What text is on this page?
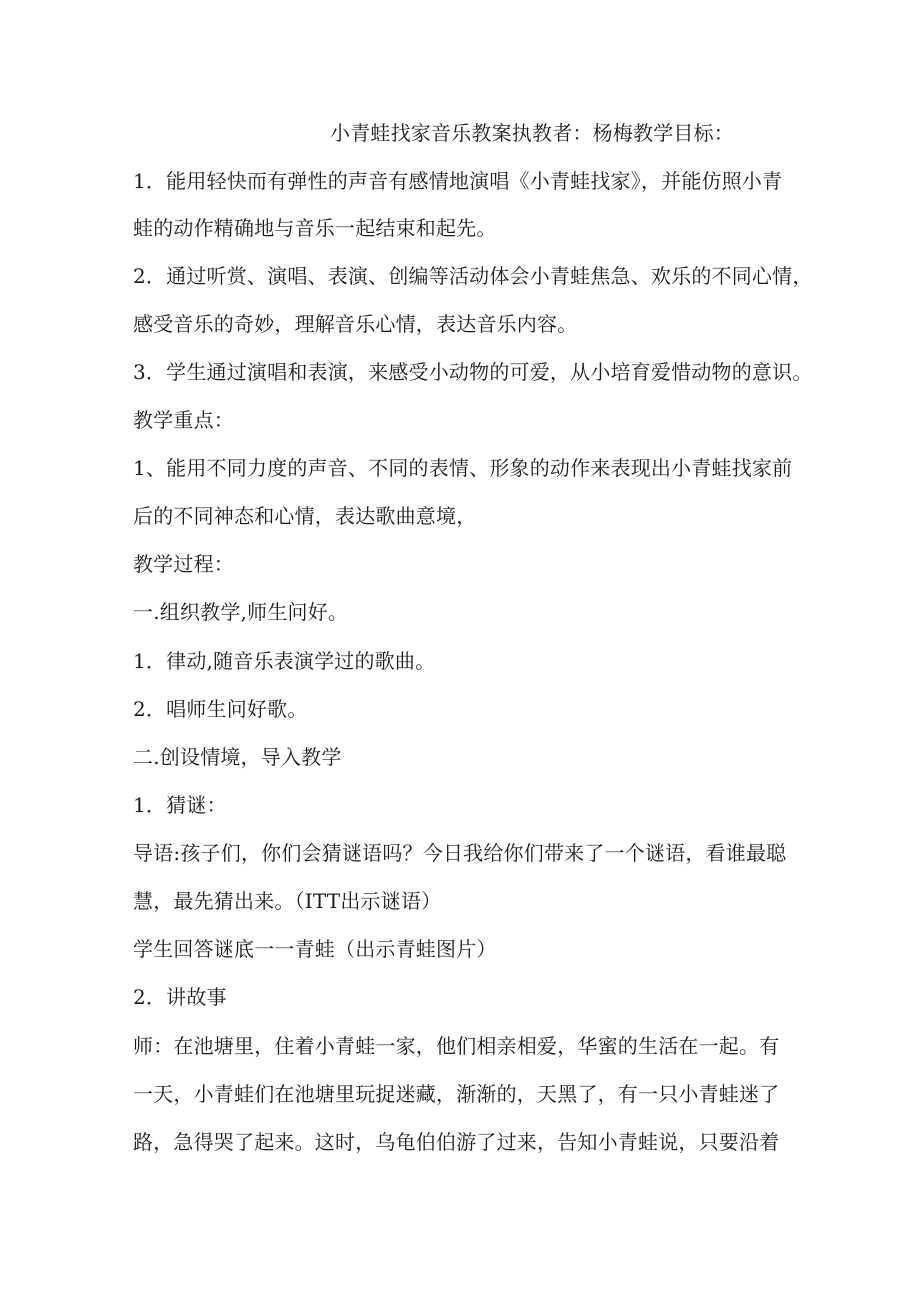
小青蛙找家音乐教案执教者：杨梅教学目标：
1．能用轻快而有弹性的声音有感情地演唱《小青蛙找家》，并能仿照小青
蛙的动作精确地与音乐一起结束和起先。
2．通过听赏、演唱、表演、创编等活动体会小青蛙焦急、欢乐的不同心情，
感受音乐的奇妙，理解音乐心情，表达音乐内容。
3．学生通过演唱和表演，来感受小动物的可爱，从小培育爱惜动物的意识。
教学重点：
1、能用不同力度的声音、不同的表情、形象的动作来表现出小青蛙找家前
后的不同神态和心情，表达歌曲意境，
教学过程：
一.组织教学,师生问好。
1．律动,随音乐表演学过的歌曲。
2．唱师生问好歌。
二.创设情境，导入教学
1．猜谜：
导语:孩子们，你们会猜谜语吗？今日我给你们带来了一个谜语，看谁最聪
慧，最先猜出来。（ITT出示谜语）
学生回答谜底一一青蛙（出示青蛙图片）
2．讲故事
师：在池塘里，住着小青蛙一家，他们相亲相爱，华蜜的生活在一起。有
一天，小青蛙们在池塘里玩捉迷藏，渐渐的，天黑了，有一只小青蛙迷了
路，急得哭了起来。这时，乌龟伯伯游了过来，告知小青蛙说，只要沿着
